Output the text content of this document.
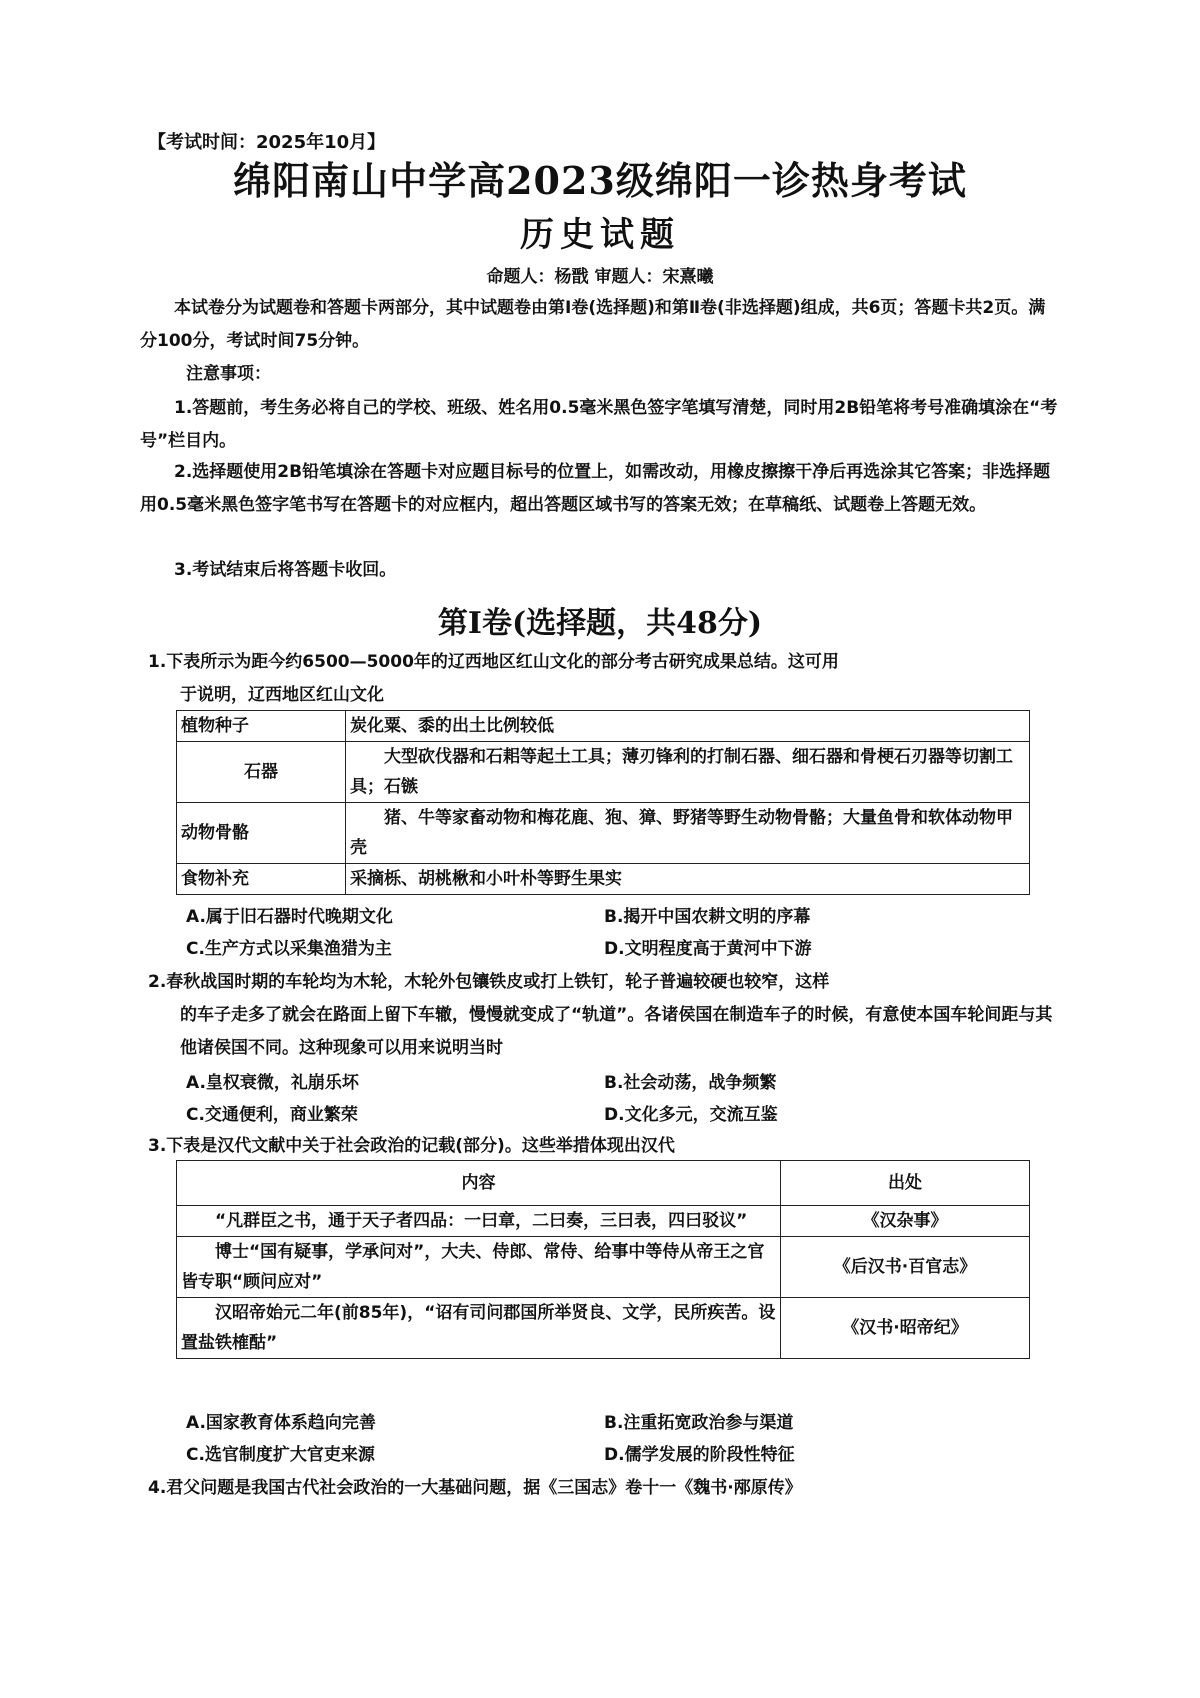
【考试时间：2025年10月】
绵阳南山中学高2023级绵阳一诊热身考试
历史试题
命题人：杨戬 审题人：宋熹曦
本试卷分为试题卷和答题卡两部分，其中试题卷由第Ⅰ卷(选择题)和第Ⅱ卷(非选择题)组成，共6页；答题卡共2页。满分100分，考试时间75分钟。
注意事项：
1.答题前，考生务必将自己的学校、班级、姓名用0.5毫米黑色签字笔填写清楚，同时用2B铅笔将考号准确填涂在“考号”栏目内。
2.选择题使用2B铅笔填涂在答题卡对应题目标号的位置上，如需改动，用橡皮擦擦干净后再选涂其它答案；非选择题用0.5毫米黑色签字笔书写在答题卡的对应框内，超出答题区域书写的答案无效；在草稿纸、试题卷上答题无效。
3.考试结束后将答题卡收回。
第Ⅰ卷(选择题，共48分)
1.下表所示为距今约6500—5000年的辽西地区红山文化的部分考古研究成果总结。这可用
于说明，辽西地区红山文化
植物种子	炭化粟、黍的出土比例较低
石器	大型砍伐器和石耜等起土工具；薄刃锋利的打制石器、细石器和骨梗石刃器等切割工具；石镞
动物骨骼	猪、牛等家畜动物和梅花鹿、狍、獐、野猪等野生动物骨骼；大量鱼骨和软体动物甲壳
食物补充	采摘栎、胡桃楸和小叶朴等野生果实
A.属于旧石器时代晚期文化	B.揭开中国农耕文明的序幕
C.生产方式以采集渔猎为主	D.文明程度高于黄河中下游
2.春秋战国时期的车轮均为木轮，木轮外包镶铁皮或打上铁钉，轮子普遍较硬也较窄，这样
的车子走多了就会在路面上留下车辙，慢慢就变成了“轨道”。各诸侯国在制造车子的时候，有意使本国车轮间距与其他诸侯国不同。这种现象可以用来说明当时
A.皇权衰微，礼崩乐坏	B.社会动荡，战争频繁
C.交通便利，商业繁荣	D.文化多元，交流互鉴
3.下表是汉代文献中关于社会政治的记载(部分)。这些举措体现出汉代
内容	出处
“凡群臣之书，通于天子者四品：一曰章，二曰奏，三曰表，四曰驳议”	《汉杂事》
博士“国有疑事，学承问对”，大夫、侍郎、常侍、给事中等侍从帝王之官皆专职“顾问应对”	《后汉书·百官志》
汉昭帝始元二年(前85年)，“诏有司问郡国所举贤良、文学，民所疾苦。设置盐铁榷酤”	《汉书·昭帝纪》
A.国家教育体系趋向完善	B.注重拓宽政治参与渠道
C.选官制度扩大官吏来源	D.儒学发展的阶段性特征
4.君父问题是我国古代社会政治的一大基础问题，据《三国志》卷十一《魏书·邴原传》
